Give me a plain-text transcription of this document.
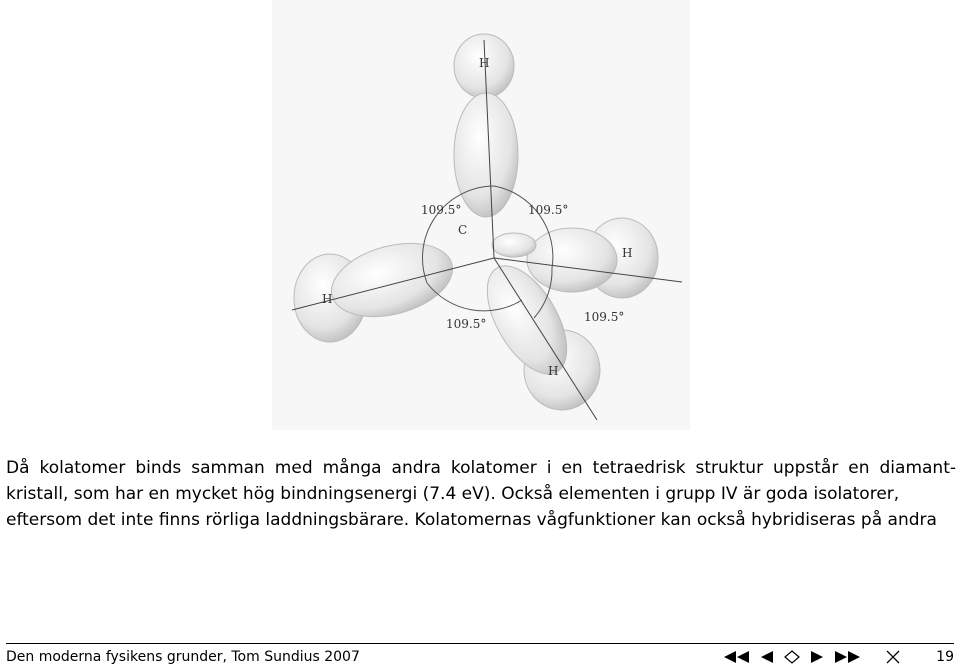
H
H
H
H
C
109.5°	109.5°
109.5°	109.5°
Då kolatomer binds samman med många andra kolatomer i en tetraedrisk struktur uppstår en diamant-
kristall, som har en mycket hög bindningsenergi (7.4 eV). Också elementen i grupp IV är goda isolatorer,
eftersom det inte finns rörliga laddningsbärare. Kolatomernas vågfunktioner kan också hybridiseras på andra
Den moderna fysikens grunder, Tom Sundius 2007	19
